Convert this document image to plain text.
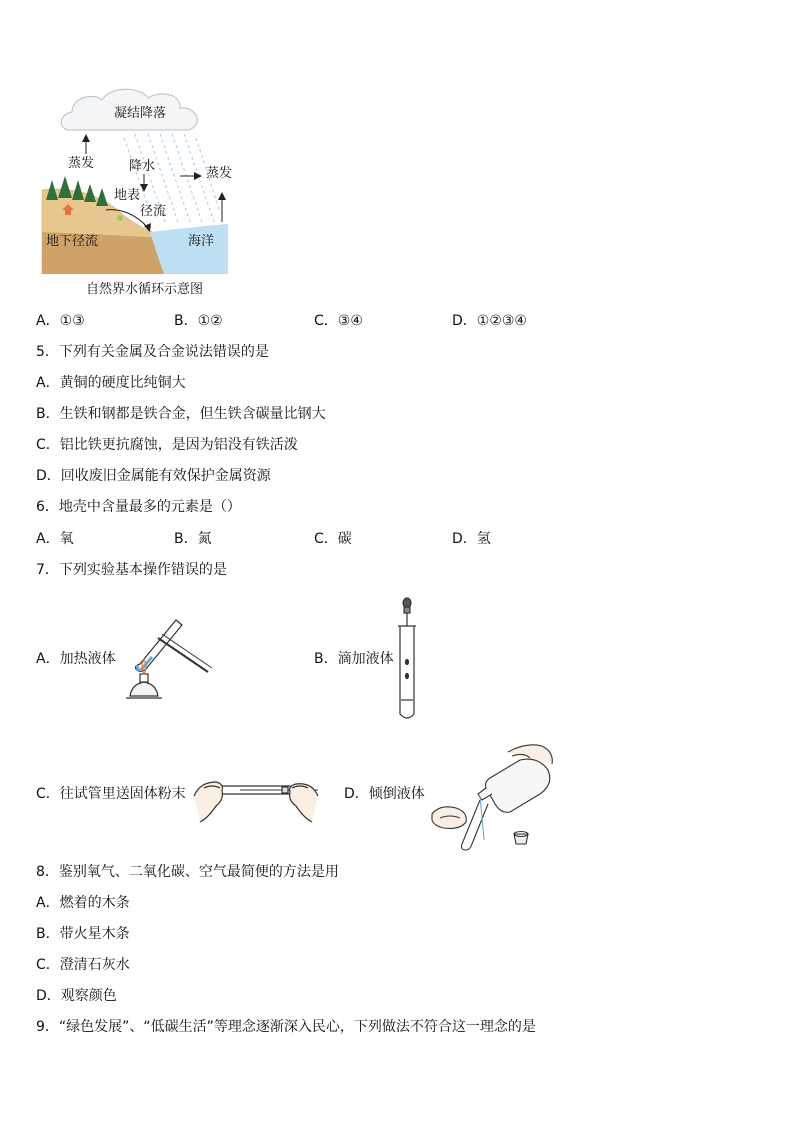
凝结降落
蒸发	降水	蒸发
地表
径流
地下径流	海洋
自然界水循环示意图
A．①③	B．①②	C．③④	D．①②③④
5．下列有关金属及合金说法错误的是
A．黄铜的硬度比纯铜大
B．生铁和钢都是铁合金，但生铁含碳量比钢大
C．铝比铁更抗腐蚀，是因为铝没有铁活泼
D．回收废旧金属能有效保护金属资源
6．地壳中含量最多的元素是（）
A．氧	B．氮	C．碳	D．氢
7．下列实验基本操作错误的是
A．加热液体	B．滴加液体
C．往试管里送固体粉末	D．倾倒液体
8．鉴别氧气、二氧化碳、空气最简便的方法是用
A．燃着的木条
B．带火星木条
C．澄清石灰水
D．观察颜色
9．“绿色发展”、“低碳生活”等理念逐渐深入民心，下列做法不符合这一理念的是
